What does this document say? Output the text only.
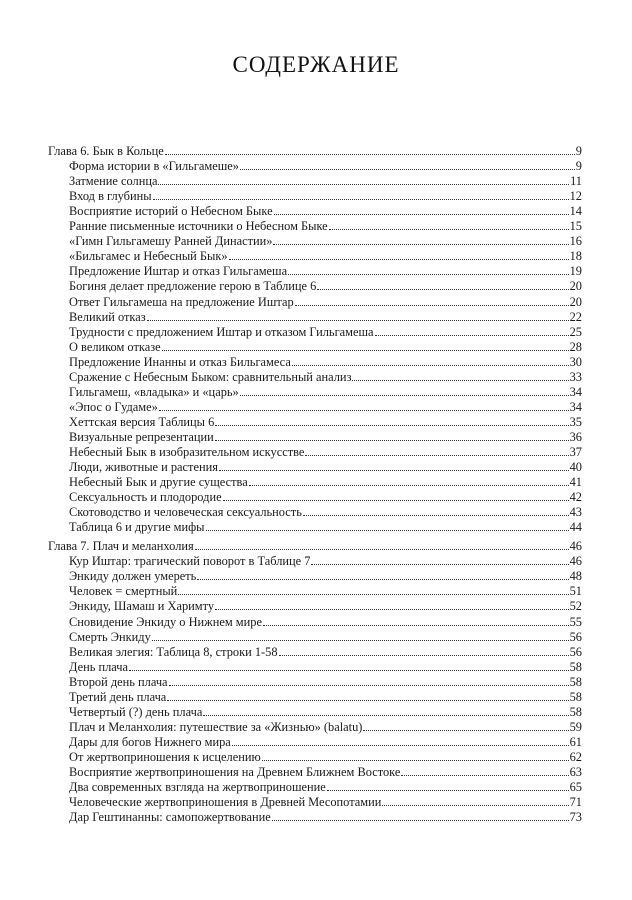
СОДЕРЖАНИЕ
Глава 6. Бык в Кольце	9
Форма истории в «Гильгамеше»	9
Затмение солнца	11
Вход в глубины	12
Восприятие историй о Небесном Быке	14
Ранние письменные источники о Небесном Быке	15
«Гимн Гильгамешу Ранней Династии»	16
«Бильгамес и Небесный Бык»	18
Предложение Иштар и отказ Гильгамеша	19
Богиня делает предложение герою в Таблице 6	20
Ответ Гильгамеша на предложение Иштар	20
Великий отказ	22
Трудности с предложением Иштар и отказом Гильгамеша	25
О великом отказе	28
Предложение Инанны и отказ Бильгамеса	30
Сражение с Небесным Быком: сравнительный анализ	33
Гильгамеш, «владыка» и «царь»	34
«Эпос о Гудаме»	34
Хеттская версия Таблицы 6	35
Визуальные репрезентации	36
Небесный Бык в изобразительном искусстве	37
Люди, животные и растения	40
Небесный Бык и другие существа	41
Сексуальность и плодородие	42
Скотоводство и человеческая сексуальность	43
Таблица 6 и другие мифы	44
Глава 7. Плач и меланхолия	46
Кур Иштар: трагический поворот в Таблице 7	46
Энкиду должен умереть	48
Человек = смертный	51
Энкиду, Шамаш и Харимту	52
Сновидение Энкиду о Нижнем мире	55
Смерть Энкиду	56
Великая элегия: Таблица 8, строки 1-58	56
День плача	58
Второй день плача	58
Третий день плача	58
Четвертый (?) день плача	58
Плач и Меланхолия: путешествие за «Жизнью» (balatu)	59
Дары для богов Нижнего мира	61
От жертвоприношения к исцелению	62
Восприятие жертвоприношения на Древнем Ближнем Востоке	63
Два современных взгляда на жертвоприношение	65
Человеческие жертвоприношения в Древней Месопотамии	71
Дар Гештинанны: самопожертвование	73
